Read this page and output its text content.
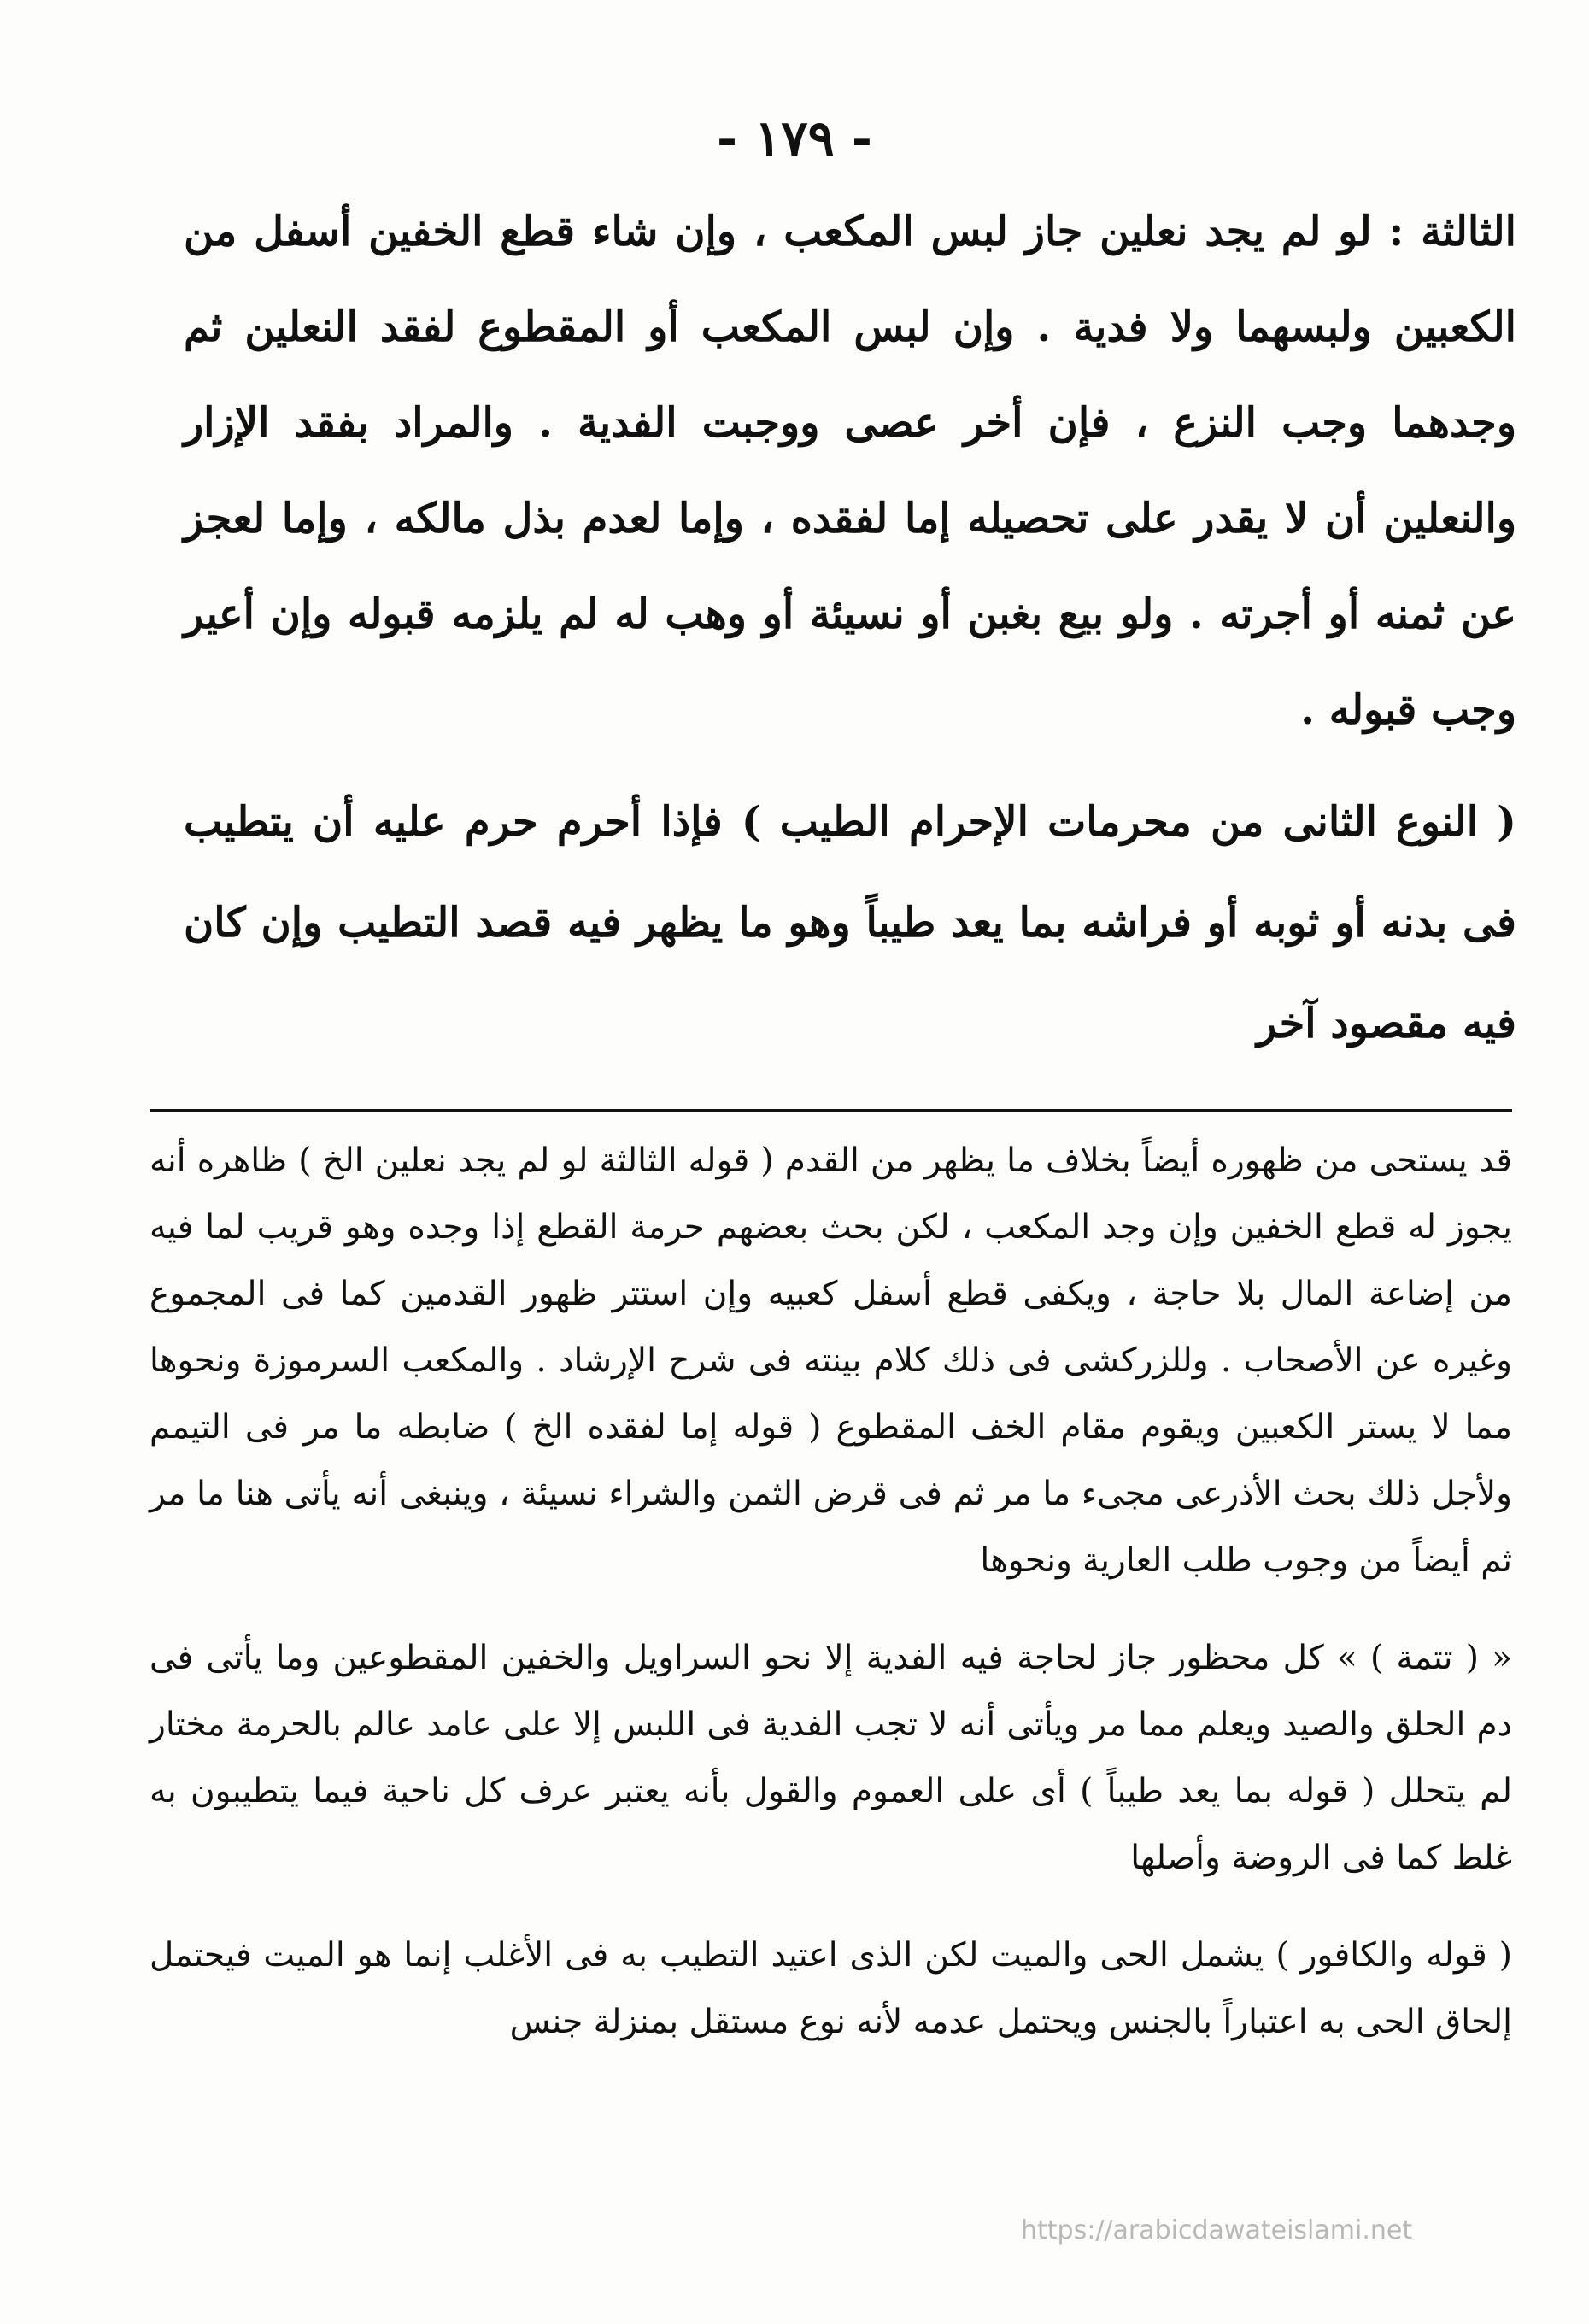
- ١٧٩ -

الثالثة : لو لم يجد نعلين جاز لبس المكعب ، وإن شاء قطع الخفين أسفل من الكعبين ولبسهما ولا فدية . وإن لبس المكعب أو المقطوع لفقد النعلين ثم وجدهما وجب النزع ، فإن أخر عصى ووجبت الفدية . والمراد بفقد الإزار والنعلين أن لا يقدر على تحصيله إما لفقده ، وإما لعدم بذل مالكه ، وإما لعجز عن ثمنه أو أجرته . ولو بيع بغبن أو نسيئة أو وهب له لم يلزمه قبوله وإن أعير وجب قبوله .

( النوع الثانى من محرمات الإحرام الطيب ) فإذا أحرم حرم عليه أن يتطيب فى بدنه أو ثوبه أو فراشه بما يعد طيباً وهو ما يظهر فيه قصد التطيب وإن كان فيه مقصود آخر

قد يستحى من ظهوره أيضاً بخلاف ما يظهر من القدم ( قوله الثالثة لو لم يجد نعلين الخ ) ظاهره أنه يجوز له قطع الخفين وإن وجد المكعب ، لكن بحث بعضهم حرمة القطع إذا وجده وهو قريب لما فيه من إضاعة المال بلا حاجة ، ويكفى قطع أسفل كعبيه وإن استتر ظهور القدمين كما فى المجموع وغيره عن الأصحاب . وللزركشى فى ذلك كلام بينته فى شرح الإرشاد . والمكعب السرموزة ونحوها مما لا يستر الكعبين ويقوم مقام الخف المقطوع ( قوله إما لفقده الخ ) ضابطه ما مر فى التيمم ولأجل ذلك بحث الأذرعى مجىء ما مر ثم فى قرض الثمن والشراء نسيئة ، وينبغى أنه يأتى هنا ما مر ثم أيضاً من وجوب طلب العارية ونحوها

« ( تتمة ) » كل محظور جاز لحاجة فيه الفدية إلا نحو السراويل والخفين المقطوعين وما يأتى فى دم الحلق والصيد ويعلم مما مر ويأتى أنه لا تجب الفدية فى اللبس إلا على عامد عالم بالحرمة مختار لم يتحلل ( قوله بما يعد طيباً ) أى على العموم والقول بأنه يعتبر عرف كل ناحية فيما يتطيبون به غلط كما فى الروضة وأصلها

( قوله والكافور ) يشمل الحى والميت لكن الذى اعتيد التطيب به فى الأغلب إنما هو الميت فيحتمل إلحاق الحى به اعتباراً بالجنس ويحتمل عدمه لأنه نوع مستقل بمنزلة جنس

https://arabicdawateislami.net
